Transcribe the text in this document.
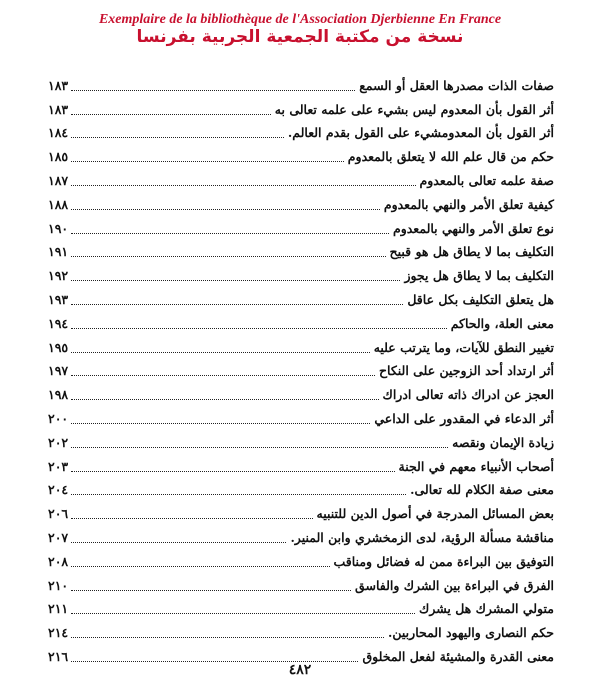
Exemplaire de la bibliothèque de l'Association Djerbienne En France
نسخة من مكتبة الجمعية الجربية بفرنسا
صفات الذات مصدرها العقل أو السمع
١٨٣
أثر القول بأن المعدوم ليس بشيء على علمه تعالى به
١٨٣
أثر القول بأن المعدومشيء على القول بقدم العالم.
١٨٤
حكم من قال علم الله لا يتعلق بالمعدوم
١٨٥
صفة علمه تعالى بالمعدوم
١٨٧
كيفية تعلق الأمر والنهي بالمعدوم
١٨٨
نوع تعلق الأمر والنهي بالمعدوم
١٩٠
التكليف بما لا يطاق هل هو قبيح
١٩١
التكليف بما لا يطاق هل يجوز
١٩٢
هل يتعلق التكليف بكل عاقل
١٩٣
معنى العلة، والحاكم
١٩٤
تغيير النطق للآيات، وما يترتب عليه
١٩٥
أثر ارتداد أحد الزوجين على النكاح
١٩٧
العجز عن ادراك ذاته تعالى ادراك
١٩٨
أثر الدعاء في المقدور على الداعي
٢٠٠
زيادة الإيمان ونقصه
٢٠٢
أصحاب الأنبياء معهم في الجنة
٢٠٣
معنى صفة الكلام لله تعالى.
٢٠٤
بعض المسائل المدرجة في أصول الدين للتنبيه
٢٠٦
مناقشة مسألة الرؤية، لدى الزمخشري وابن المنير.
٢٠٧
التوفيق بين البراءة ممن له فضائل ومناقب
٢٠٨
الفرق في البراءة بين الشرك والفاسق
٢١٠
متولي المشرك هل يشرك
٢١١
حكم النصارى واليهود المحاربين.
٢١٤
معنى القدرة والمشيئة لفعل المخلوق
٢١٦
٤٨٢
